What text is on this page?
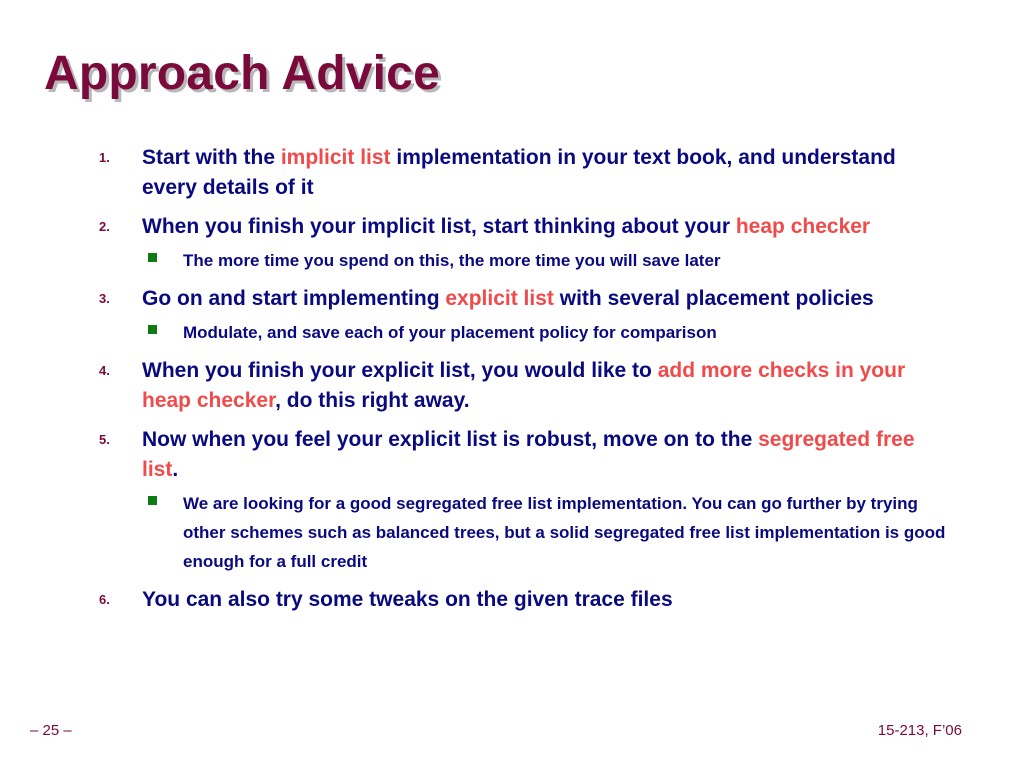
Approach Advice
1. Start with the implicit list implementation in your text book, and understand every details of it
2. When you finish your implicit list, start thinking about your heap checker
The more time you spend on this, the more time you will save later
3. Go on and start implementing explicit list with several placement policies
Modulate, and save each of your placement policy for comparison
4. When you finish your explicit list, you would like to add more checks in your heap checker, do this right away.
5. Now when you feel your explicit list is robust, move on to the segregated free list.
We are looking for a good segregated free list implementation. You can go further by trying other schemes such as balanced trees, but a solid segregated free list implementation is good enough for a full credit
6. You can also try some tweaks on the given trace files
– 25 –	15-213, F’06
